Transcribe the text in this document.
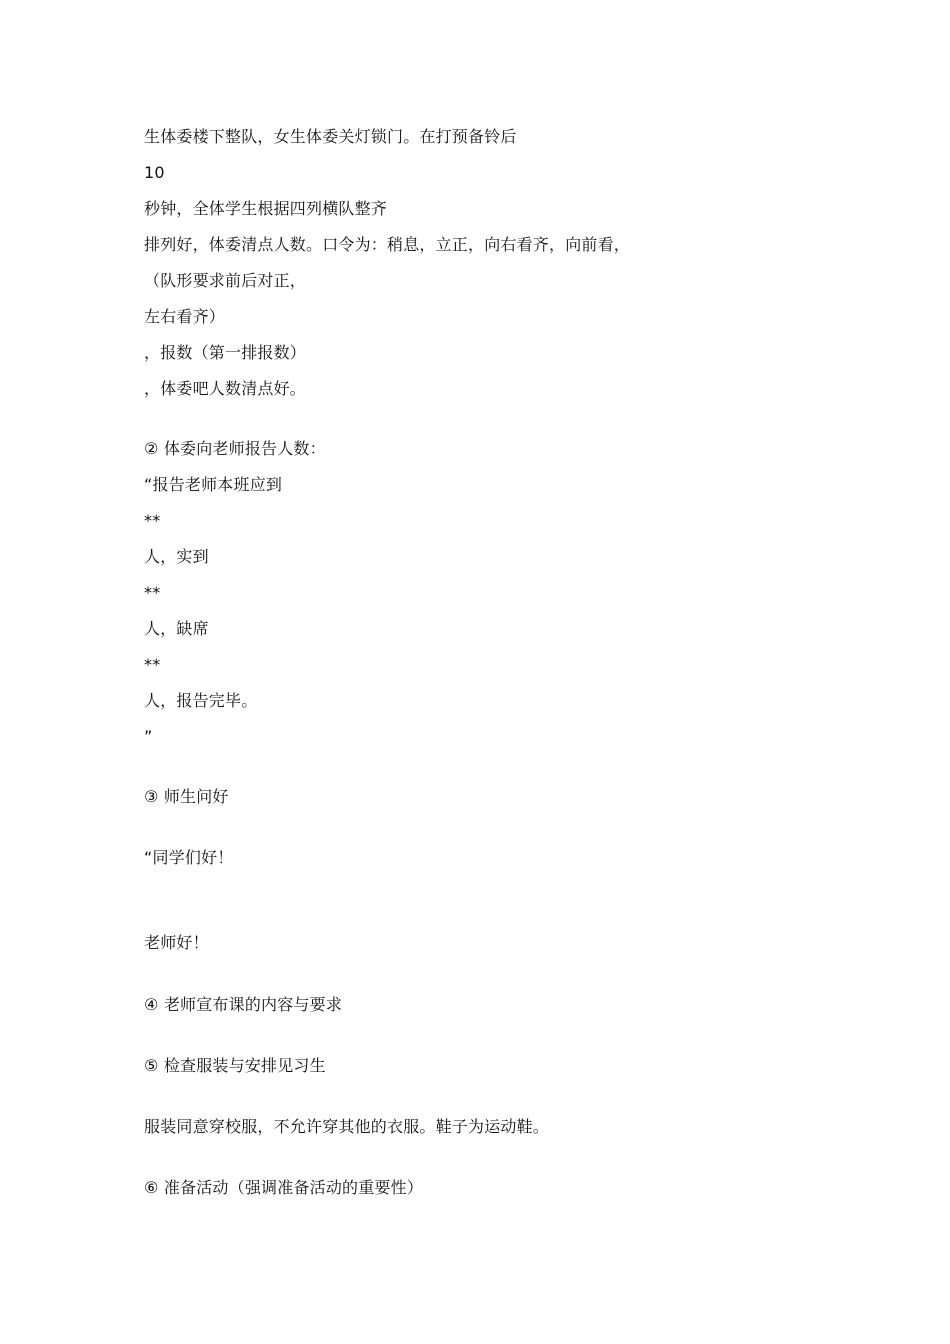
生体委楼下整队，女生体委关灯锁门。在打预备铃后
10
秒钟，全体学生根据四列横队整齐
排列好，体委清点人数。口令为：稍息，立正，向右看齐，向前看，
（队形要求前后对正，
左右看齐）
，报数（第一排报数）
，体委吧人数清点好。
② 体委向老师报告人数：
“报告老师本班应到
**
人，实到
**
人，缺席
**
人，报告完毕。
”
③ 师生问好
“同学们好！
老师好！
④ 老师宣布课的内容与要求
⑤ 检查服装与安排见习生
服装同意穿校服，不允许穿其他的衣服。鞋子为运动鞋。
⑥ 准备活动（强调准备活动的重要性）
